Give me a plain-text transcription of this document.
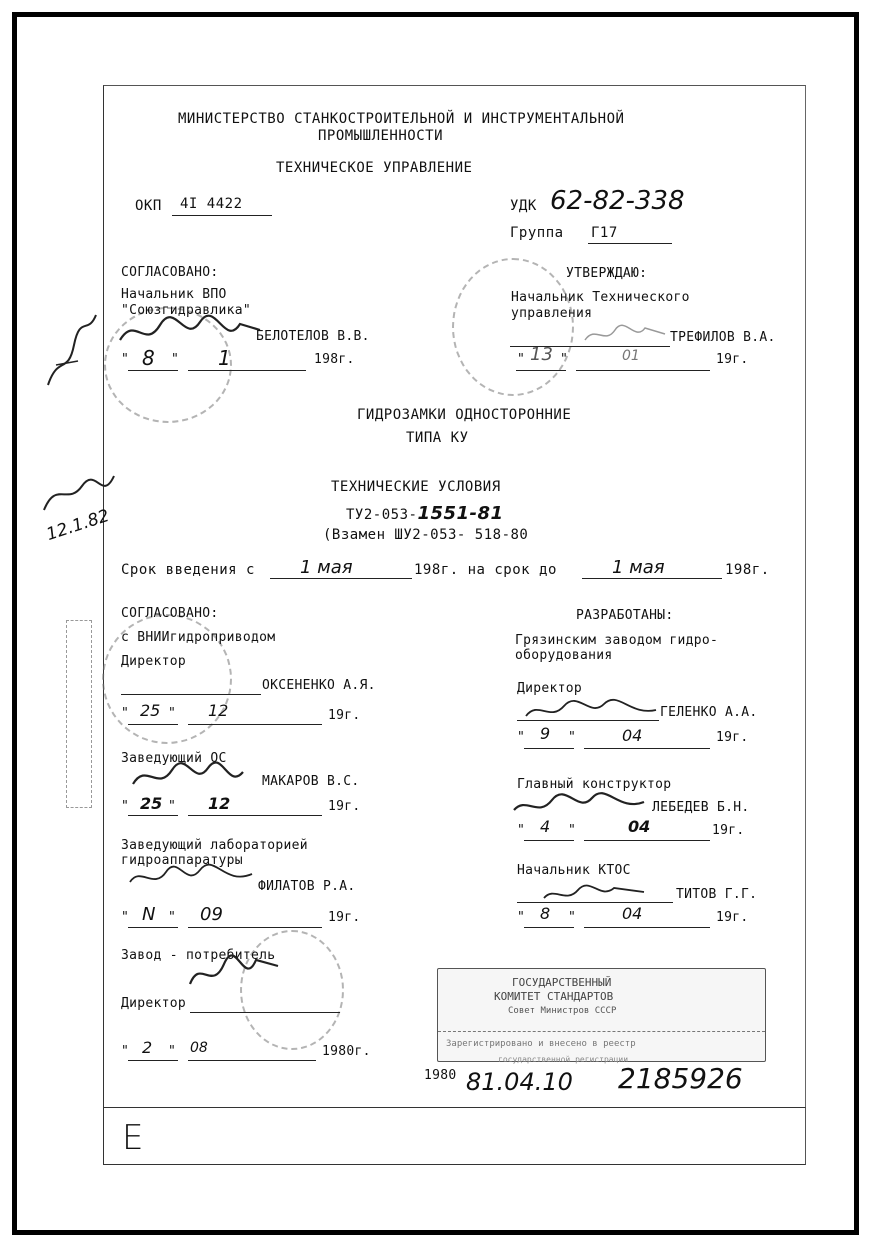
МИНИСТЕРСТВО СТАНКОСТРОИТЕЛЬНОЙ И ИНСТРУМЕНТАЛЬНОЙ
ПРОМЫШЛЕННОСТИ
ТЕХНИЧЕСКОЕ УПРАВЛЕНИЕ
ОКП 4I 4422	УДК 62-82-338
Группа Г17
СОГЛАСОВАНО:
Начальник ВПО
"Союзгидравлика"
БЕЛОТЕЛОВ В.В.
" 8 " 1	198г.
УТВЕРЖДАЮ:
Начальник Технического
управления
ТРЕФИЛОВ В.А.
" 13 "	01	19г.
ГИДРОЗАМКИ ОДНОСТОРОННИЕ
ТИПА КУ
ТЕХНИЧЕСКИЕ УСЛОВИЯ
ТУ2-053-1551-81
(Взамен ШУ2-053- 518-80
Срок введения с	1 мая	198г. на срок до	1 мая	198г.
СОГЛАСОВАНО:
с ВНИИгидроприводом
Директор
ОКСЕНЕНКО А.Я.
" 25 " 12	19г.
Заведующий ОС
МАКАРОВ В.С.
" 25 " 12	19г.
Заведующий лабораторией
гидроаппаратуры
ФИЛАТОВ Р.А.
" N " 09	19г.
Завод - потребитель
Директор
" 2 " 08	1980г.
РАЗРАБОТАНЫ:
Грязинским заводом гидро-
оборудования
Директор
ГЕЛЕНКО А.А.
" 9 "	04	19г.
Главный конструктор
ЛЕБЕДЕВ Б.Н.
" 4 "	04	19г.
Начальник КТОС
ТИТОВ Г.Г.
" 8 "	04	19г.
ГОСУДАРСТВЕННЫЙ
КОМИТЕТ СТАНДАРТОВ
Совет Министров СССР
Зарегистрировано и внесено в реестр
государственной регистрации
1980 81.04.10 2185926
E
12.1.82
